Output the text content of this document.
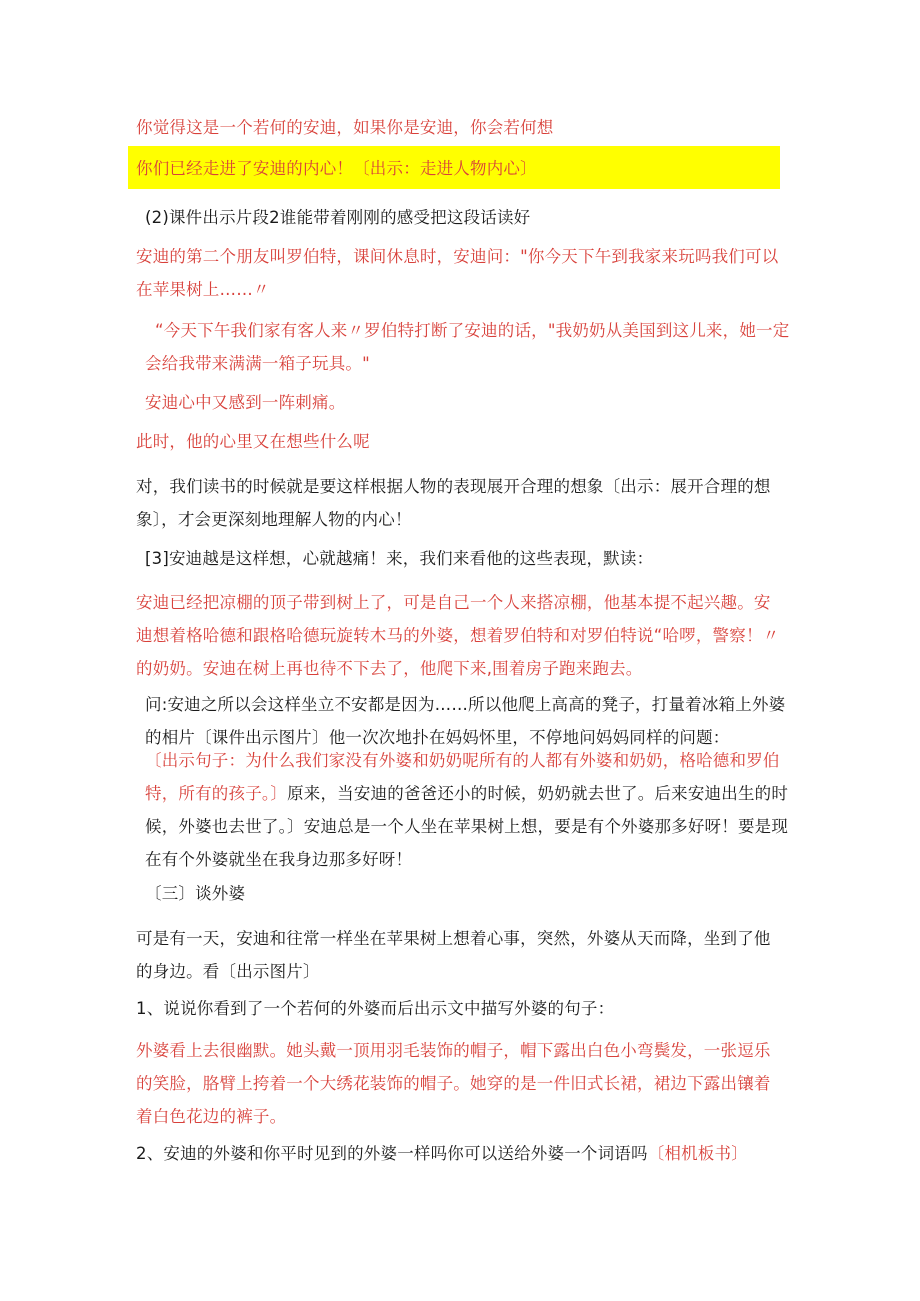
你觉得这是一个若何的安迪，如果你是安迪，你会若何想

你们已经走进了安迪的内心！〔出示：走进人物内心〕

(2)课件出示片段2谁能带着刚刚的感受把这段话读好

安迪的第二个朋友叫罗伯特，课间休息时，安迪问："你今天下午到我家来玩吗我们可以在苹果树上……〃

“今天下午我们家有客人来〃罗伯特打断了安迪的话，"我奶奶从美国到这儿来，她一定会给我带来满满一箱子玩具。"

安迪心中又感到一阵刺痛。

此时，他的心里又在想些什么呢

对，我们读书的时候就是要这样根据人物的表现展开合理的想象〔出示：展开合理的想象〕，才会更深刻地理解人物的内心！

[3]安迪越是这样想，心就越痛！来，我们来看他的这些表现，默读：

安迪已经把凉棚的顶子带到树上了，可是自己一个人来搭凉棚，他基本提不起兴趣。安迪想着格哈德和跟格哈德玩旋转木马的外婆，想着罗伯特和对罗伯特说“哈啰，警察！〃的奶奶。安迪在树上再也待不下去了，他爬下来,围着房子跑来跑去。

问:安迪之所以会这样坐立不安都是因为……所以他爬上高高的凳子，打量着冰箱上外婆的相片〔课件出示图片〕他一次次地扑在妈妈怀里，不停地问妈妈同样的问题：

〔出示句子：为什么我们家没有外婆和奶奶呢所有的人都有外婆和奶奶，格哈德和罗伯特，所有的孩子。〕原来，当安迪的爸爸还小的时候，奶奶就去世了。后来安迪出生的时候，外婆也去世了。〕安迪总是一个人坐在苹果树上想，要是有个外婆那多好呀！要是现在有个外婆就坐在我身边那多好呀！

〔三〕谈外婆

可是有一天，安迪和往常一样坐在苹果树上想着心事，突然，外婆从天而降，坐到了他的身边。看〔出示图片〕

1、说说你看到了一个若何的外婆而后出示文中描写外婆的句子：

外婆看上去很幽默。她头戴一顶用羽毛装饰的帽子，帽下露出白色小弯鬓发，一张逗乐的笑脸，胳臂上挎着一个大绣花装饰的帽子。她穿的是一件旧式长裙，裙边下露出镶着着白色花边的裤子。

2、安迪的外婆和你平时见到的外婆一样吗你可以送给外婆一个词语吗〔相机板书〕
